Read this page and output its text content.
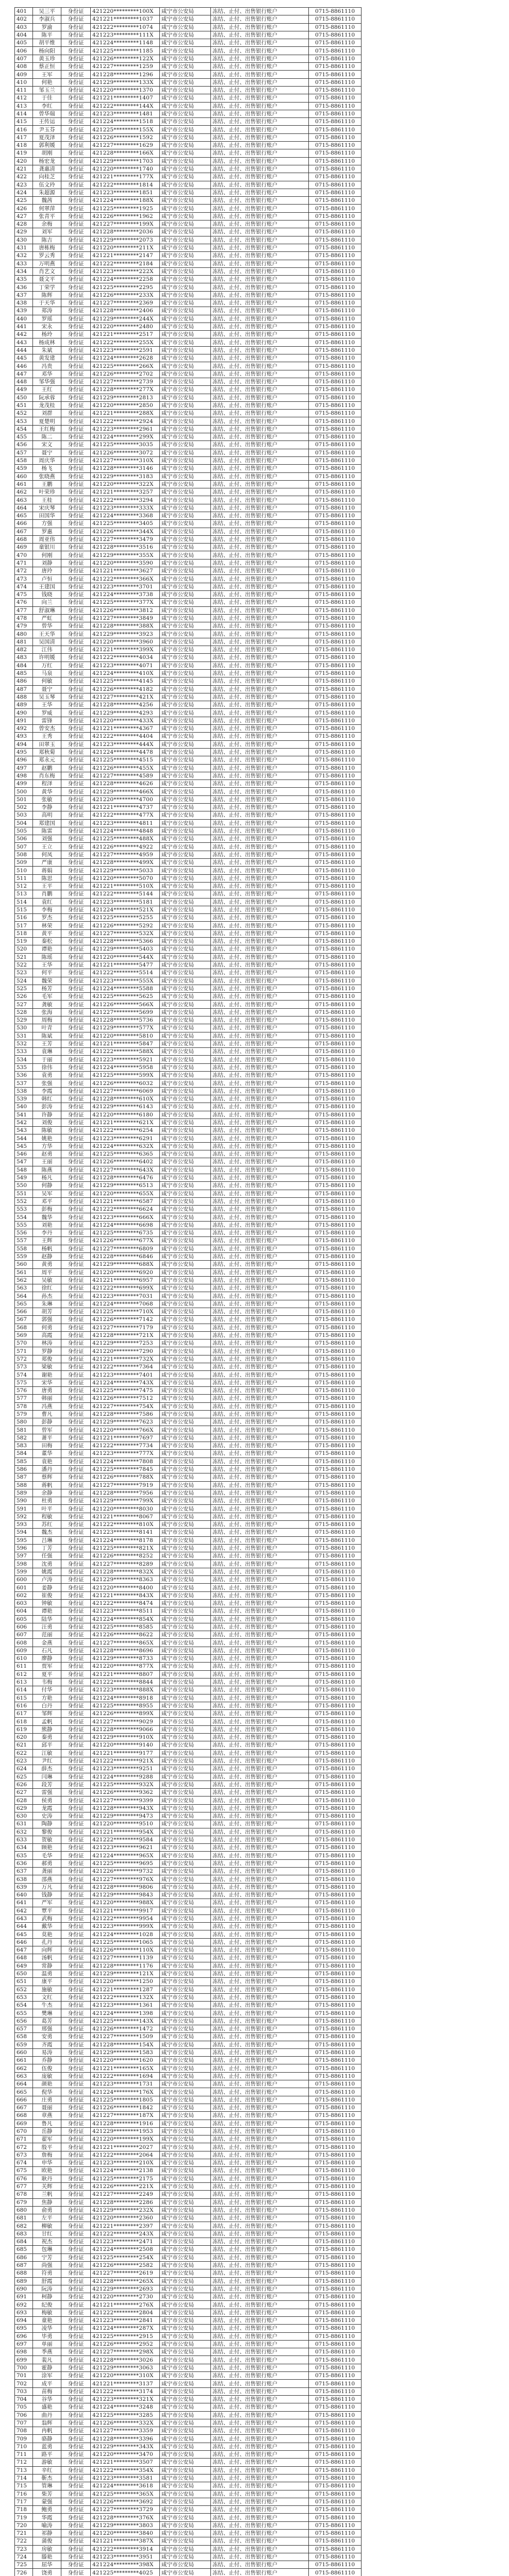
401	吴三平	身份证	421220*********100X	咸宁市公安局	冻结、止付、出售银行账户	0715-8861110
402	李淑兵	身份证	421221*********1037	咸宁市公安局	冻结、止付、出售银行账户	0715-8861110
403	罗渝	身份证	421222*********1074	咸宁市公安局	冻结、止付、出售银行账户	0715-8861110
404	陈平	身份证	421223*********111X	咸宁市公安局	冻结、止付、出售银行账户	0715-8861110
405	胡平维	身份证	421224*********1148	咸宁市公安局	冻结、止付、出售银行账户	0715-8861110
406	杨向阳	身份证	421225*********1185	咸宁市公安局	冻结、止付、出售银行账户	0715-8861110
407	黄玉珍	身份证	421226*********122X	咸宁市公安局	冻结、止付、出售银行账户	0715-8861110
408	蔡正恒	身份证	421227*********1259	咸宁市公安局	冻结、止付、出售银行账户	0715-8861110
409	王军	身份证	421228*********1296	咸宁市公安局	冻结、止付、出售银行账户	0715-8861110
410	何艳	身份证	421229*********133X	咸宁市公安局	冻结、止付、出售银行账户	0715-8861110
411	邹玉兰	身份证	421220*********1370	咸宁市公安局	冻结、止付、出售银行账户	0715-8861110
412	于佳	身份证	421221*********1407	咸宁市公安局	冻结、止付、出售银行账户	0715-8861110
413	李红	身份证	421222*********144X	咸宁市公安局	冻结、止付、出售银行账户	0715-8861110
414	曾华瑞	身份证	421223*********1481	咸宁市公安局	冻结、止付、出售银行账户	0715-8861110
415	王传运	身份证	421224*********1518	咸宁市公安局	冻结、止付、出售银行账户	0715-8861110
416	尹玉芬	身份证	421225*********155X	咸宁市公安局	冻结、止付、出售银行账户	0715-8861110
417	夏茂泽	身份证	421226*********1592	咸宁市公安局	冻结、止付、出售银行账户	0715-8861110
418	郭利媛	身份证	421227*********1629	咸宁市公安局	冻结、止付、出售银行账户	0715-8861110
419	胡刚	身份证	421228*********166X	咸宁市公安局	冻结、止付、出售银行账户	0715-8861110
420	杨宏龙	身份证	421229*********1703	咸宁市公安局	冻结、止付、出售银行账户	0715-8861110
421	龚惠清	身份证	421220*********1740	咸宁市公安局	冻结、止付、出售银行账户	0715-8861110
422	向桂芝	身份证	421221*********177X	咸宁市公安局	冻结、止付、出售银行账户	0715-8861110
423	伍文玲	身份证	421222*********1814	咸宁市公安局	冻结、止付、出售银行账户	0715-8861110
424	朱超源	身份证	421223*********1851	咸宁市公安局	冻结、止付、出售银行账户	0715-8861110
425	魏茜	身份证	421224*********188X	咸宁市公安局	冻结、止付、出售银行账户	0715-8861110
426	何翠萍	身份证	421225*********1925	咸宁市公安局	冻结、止付、出售银行账户	0715-8861110
427	张青平	身份证	421226*********1962	咸宁市公安局	冻结、止付、出售银行账户	0715-8861110
428	余梅	身份证	421227*********199X	咸宁市公安局	冻结、止付、出售银行账户	0715-8861110
429	刘军	身份证	421228*********2036	咸宁市公安局	冻结、止付、出售银行账户	0715-8861110
430	陈吉	身份证	421229*********2073	咸宁市公安局	冻结、止付、出售银行账户	0715-8861110
431	唐栋梅	身份证	421220*********211X	咸宁市公安局	冻结、止付、出售银行账户	0715-8861110
432	罗云秀	身份证	421221*********2147	咸宁市公安局	冻结、止付、出售银行账户	0715-8861110
433	万明燕	身份证	421222*********2184	咸宁市公安局	冻结、止付、出售银行账户	0715-8861110
434	肖艺文	身份证	421223*********222X	咸宁市公安局	冻结、止付、出售银行账户	0715-8861110
435	聂文平	身份证	421224*********2258	咸宁市公安局	冻结、止付、出售银行账户	0715-8861110
436	丁荣学	身份证	421225*********2295	咸宁市公安局	冻结、止付、出售银行账户	0715-8861110
437	陈辉	身份证	421226*********233X	咸宁市公安局	冻结、止付、出售银行账户	0715-8861110
438	于天华	身份证	421227*********2369	咸宁市公安局	冻结、止付、出售银行账户	0715-8861110
439	郑涛	身份证	421228*********2406	咸宁市公安局	冻结、止付、出售银行账户	0715-8861110
440	罗瑶	身份证	421229*********244X	咸宁市公安局	冻结、止付、出售银行账户	0715-8861110
441	宋永	身份证	421220*********2480	咸宁市公安局	冻结、止付、出售银行账户	0715-8861110
442	杨玲	身份证	421221*********2517	咸宁市公安局	冻结、止付、出售银行账户	0715-8861110
443	杨成林	身份证	421222*********255X	咸宁市公安局	冻结、止付、出售银行账户	0715-8861110
444	朱斌	身份证	421223*********2591	咸宁市公安局	冻结、止付、出售银行账户	0715-8861110
445	黄发建	身份证	421224*********2628	咸宁市公安局	冻结、止付、出售银行账户	0715-8861110
446	冯贵	身份证	421225*********266X	咸宁市公安局	冻结、止付、出售银行账户	0715-8861110
447	邓华	身份证	421226*********2702	咸宁市公安局	冻结、止付、出售银行账户	0715-8861110
448	邹华强	身份证	421227*********2739	咸宁市公安局	冻结、止付、出售银行账户	0715-8861110
449	王红	身份证	421228*********277X	咸宁市公安局	冻结、止付、出售银行账户	0715-8861110
450	阮承蓉	身份证	421229*********2813	咸宁市公安局	冻结、止付、出售银行账户	0715-8861110
451	龙茂桂	身份证	421220*********2850	咸宁市公安局	冻结、止付、出售银行账户	0715-8861110
452	刘群	身份证	421221*********288X	咸宁市公安局	冻结、止付、出售银行账户	0715-8861110
453	夏楚明	身份证	421222*********2924	咸宁市公安局	冻结、止付、出售银行账户	0715-8861110
454	王红梅	身份证	421223*********2961	咸宁市公安局	冻结、止付、出售银行账户	0715-8861110
455	陈二	身份证	421224*********299X	咸宁市公安局	冻结、止付、出售银行账户	0715-8861110
456	宋文	身份证	421225*********3035	咸宁市公安局	冻结、止付、出售银行账户	0715-8861110
457	聂宁	身份证	421226*********3072	咸宁市公安局	冻结、止付、出售银行账户	0715-8861110
458	周庆华	身份证	421227*********310X	咸宁市公安局	冻结、止付、出售银行账户	0715-8861110
459	杨飞	身份证	421228*********3146	咸宁市公安局	冻结、止付、出售银行账户	0715-8861110
460	张晓燕	身份证	421229*********3183	咸宁市公安局	冻结、止付、出售银行账户	0715-8861110
461	王鹏	身份证	421220*********322X	咸宁市公安局	冻结、止付、出售银行账户	0715-8861110
462	叶荣珍	身份证	421221*********3257	咸宁市公安局	冻结、止付、出售银行账户	0715-8861110
463	王桂	身份证	421222*********3294	咸宁市公安局	冻结、止付、出售银行账户	0715-8861110
464	宋庆琴	身份证	421223*********333X	咸宁市公安局	冻结、止付、出售银行账户	0715-8861110
465	田国华	身份证	421224*********3368	咸宁市公安局	冻结、止付、出售银行账户	0715-8861110
466	方强	身份证	421225*********3405	咸宁市公安局	冻结、止付、出售银行账户	0715-8861110
467	罗惠	身份证	421226*********344X	咸宁市公安局	冻结、止付、出售银行账户	0715-8861110
468	周亚伟	身份证	421227*********3479	咸宁市公安局	冻结、止付、出售银行账户	0715-8861110
469	童银川	身份证	421228*********3516	咸宁市公安局	冻结、止付、出售银行账户	0715-8861110
470	何刚	身份证	421229*********355X	咸宁市公安局	冻结、止付、出售银行账户	0715-8861110
471	刘静	身份证	421220*********3590	咸宁市公安局	冻结、止付、出售银行账户	0715-8861110
472	唐玲	身份证	421221*********3627	咸宁市公安局	冻结、止付、出售银行账户	0715-8861110
473	卢恒	身份证	421222*********366X	咸宁市公安局	冻结、止付、出售银行账户	0715-8861110
474	王建国	身份证	421223*********3701	咸宁市公安局	冻结、止付、出售银行账户	0715-8861110
475	钱晓	身份证	421224*********3738	咸宁市公安局	冻结、止付、出售银行账户	0715-8861110
476	向兰	身份证	421225*********377X	咸宁市公安局	冻结、止付、出售银行账户	0715-8861110
477	舒淑琳	身份证	421226*********3812	咸宁市公安局	冻结、止付、出售银行账户	0715-8861110
478	严虹	身份证	421227*********3849	咸宁市公安局	冻结、止付、出售银行账户	0715-8861110
479	曾华	身份证	421228*********388X	咸宁市公安局	冻结、止付、出售银行账户	0715-8861110
480	王天华	身份证	421229*********3923	咸宁市公安局	冻结、止付、出售银行账户	0715-8861110
481	吴国清	身份证	421220*********3960	咸宁市公安局	冻结、止付、出售银行账户	0715-8861110
482	江伟	身份证	421221*********399X	咸宁市公安局	冻结、止付、出售银行账户	0715-8861110
483	许明媛	身份证	421222*********4034	咸宁市公安局	冻结、止付、出售银行账户	0715-8861110
484	万红	身份证	421223*********4071	咸宁市公安局	冻结、止付、出售银行账户	0715-8861110
485	马泉	身份证	421224*********410X	咸宁市公安局	冻结、止付、出售银行账户	0715-8861110
486	何敏	身份证	421225*********4145	咸宁市公安局	冻结、止付、出售银行账户	0715-8861110
487	聂宁	身份证	421226*********4182	咸宁市公安局	冻结、止付、出售银行账户	0715-8861110
488	吴玉琴	身份证	421227*********421X	咸宁市公安局	冻结、止付、出售银行账户	0715-8861110
489	王华	身份证	421228*********4256	咸宁市公安局	冻结、止付、出售银行账户	0715-8861110
490	罗威	身份证	421229*********4293	咸宁市公安局	冻结、止付、出售银行账户	0715-8861110
491	雷锋	身份证	421220*********433X	咸宁市公安局	冻结、止付、出售银行账户	0715-8861110
492	曾安杰	身份证	421221*********4367	咸宁市公安局	冻结、止付、出售银行账户	0715-8861110
493	王秀	身份证	421222*********4404	咸宁市公安局	冻结、止付、出售银行账户	0715-8861110
494	田翠玉	身份证	421223*********444X	咸宁市公安局	冻结、止付、出售银行账户	0715-8861110
495	郑秋菊	身份证	421224*********4478	咸宁市公安局	冻结、止付、出售银行账户	0715-8861110
496	郑永元	身份证	421225*********4515	咸宁市公安局	冻结、止付、出售银行账户	0715-8861110
497	赵鹏	身份证	421226*********455X	咸宁市公安局	冻结、止付、出售银行账户	0715-8861110
498	肖东梅	身份证	421227*********4589	咸宁市公安局	冻结、止付、出售银行账户	0715-8861110
499	程泽	身份证	421228*********4626	咸宁市公安局	冻结、止付、出售银行账户	0715-8861110
500	黄华	身份证	421229*********466X	咸宁市公安局	冻结、止付、出售银行账户	0715-8861110
501	张敏	身份证	421220*********4700	咸宁市公安局	冻结、止付、出售银行账户	0715-8861110
502	李静	身份证	421221*********4737	咸宁市公安局	冻结、止付、出售银行账户	0715-8861110
503	高明	身份证	421222*********477X	咸宁市公安局	冻结、止付、出售银行账户	0715-8861110
504	郑建国	身份证	421223*********4811	咸宁市公安局	冻结、止付、出售银行账户	0715-8861110
505	陈雷	身份证	421224*********4848	咸宁市公安局	冻结、止付、出售银行账户	0715-8861110
506	刘强	身份证	421225*********488X	咸宁市公安局	冻结、止付、出售银行账户	0715-8861110
507	王立	身份证	421226*********4922	咸宁市公安局	冻结、止付、出售银行账户	0715-8861110
508	何凤	身份证	421227*********4959	咸宁市公安局	冻结、止付、出售银行账户	0715-8861110
509	严康	身份证	421228*********499X	咸宁市公安局	冻结、止付、出售银行账户	0715-8861110
510	蒋娟	身份证	421229*********5033	咸宁市公安局	冻结、止付、出售银行账户	0715-8861110
511	陈思	身份证	421220*********5070	咸宁市公安局	冻结、止付、出售银行账户	0715-8861110
512	王平	身份证	421221*********510X	咸宁市公安局	冻结、止付、出售银行账户	0715-8861110
513	肖鹏	身份证	421222*********5144	咸宁市公安局	冻结、止付、出售银行账户	0715-8861110
514	袁红	身份证	421223*********5181	咸宁市公安局	冻结、止付、出售银行账户	0715-8861110
515	李梅	身份证	421224*********521X	咸宁市公安局	冻结、止付、出售银行账户	0715-8861110
516	罗杰	身份证	421225*********5255	咸宁市公安局	冻结、止付、出售银行账户	0715-8861110
517	林荣	身份证	421226*********5292	咸宁市公安局	冻结、止付、出售银行账户	0715-8861110
518	黄平	身份证	421227*********532X	咸宁市公安局	冻结、止付、出售银行账户	0715-8861110
519	秦松	身份证	421228*********5366	咸宁市公安局	冻结、止付、出售银行账户	0715-8861110
520	谭艳	身份证	421229*********5403	咸宁市公安局	冻结、止付、出售银行账户	0715-8861110
521	陈瑶	身份证	421220*********544X	咸宁市公安局	冻结、止付、出售银行账户	0715-8861110
522	王华	身份证	421221*********5477	咸宁市公安局	冻结、止付、出售银行账户	0715-8861110
523	何平	身份证	421222*********5514	咸宁市公安局	冻结、止付、出售银行账户	0715-8861110
524	魏荣	身份证	421223*********555X	咸宁市公安局	冻结、止付、出售银行账户	0715-8861110
525	杨芳	身份证	421224*********5588	咸宁市公安局	冻结、止付、出售银行账户	0715-8861110
526	毛军	身份证	421225*********5625	咸宁市公安局	冻结、止付、出售银行账户	0715-8861110
527	龚敏	身份证	421226*********566X	咸宁市公安局	冻结、止付、出售银行账户	0715-8861110
528	张海	身份证	421227*********5699	咸宁市公安局	冻结、止付、出售银行账户	0715-8861110
529	周梅	身份证	421228*********5736	咸宁市公安局	冻结、止付、出售银行账户	0715-8861110
530	叶青	身份证	421229*********577X	咸宁市公安局	冻结、止付、出售银行账户	0715-8861110
531	陈斌	身份证	421220*********5810	咸宁市公安局	冻结、止付、出售银行账户	0715-8861110
532	王芳	身份证	421221*********5847	咸宁市公安局	冻结、止付、出售银行账户	0715-8861110
533	袁琳	身份证	421222*********588X	咸宁市公安局	冻结、止付、出售银行账户	0715-8861110
534	于丽	身份证	421223*********5921	咸宁市公安局	冻结、止付、出售银行账户	0715-8861110
535	徐伟	身份证	421224*********5958	咸宁市公安局	冻结、止付、出售银行账户	0715-8861110
536	袁勇	身份证	421225*********599X	咸宁市公安局	冻结、止付、出售银行账户	0715-8861110
537	张强	身份证	421226*********6032	咸宁市公安局	冻结、止付、出售银行账户	0715-8861110
538	李霞	身份证	421227*********6069	咸宁市公安局	冻结、止付、出售银行账户	0715-8861110
539	韩红	身份证	421228*********610X	咸宁市公安局	冻结、止付、出售银行账户	0715-8861110
540	彭涛	身份证	421229*********6143	咸宁市公安局	冻结、止付、出售银行账户	0715-8861110
541	许静	身份证	421220*********6180	咸宁市公安局	冻结、止付、出售银行账户	0715-8861110
542	刘俊	身份证	421221*********621X	咸宁市公安局	冻结、止付、出售银行账户	0715-8861110
543	陈敏	身份证	421222*********6254	咸宁市公安局	冻结、止付、出售银行账户	0715-8861110
544	姚艳	身份证	421223*********6291	咸宁市公安局	冻结、止付、出售银行账户	0715-8861110
545	方华	身份证	421224*********632X	咸宁市公安局	冻结、止付、出售银行账户	0715-8861110
546	赵勇	身份证	421225*********6365	咸宁市公安局	冻结、止付、出售银行账户	0715-8861110
547	王丽	身份证	421226*********6402	咸宁市公安局	冻结、止付、出售银行账户	0715-8861110
548	陈燕	身份证	421227*********643X	咸宁市公安局	冻结、止付、出售银行账户	0715-8861110
549	杨凡	身份证	421228*********6476	咸宁市公安局	冻结、止付、出售银行账户	0715-8861110
550	何静	身份证	421229*********6513	咸宁市公安局	冻结、止付、出售银行账户	0715-8861110
551	吴军	身份证	421220*********655X	咸宁市公安局	冻结、止付、出售银行账户	0715-8861110
552	邓平	身份证	421221*********6587	咸宁市公安局	冻结、止付、出售银行账户	0715-8861110
553	彭梅	身份证	421222*********6624	咸宁市公安局	冻结、止付、出售银行账户	0715-8861110
554	魏华	身份证	421223*********666X	咸宁市公安局	冻结、止付、出售银行账户	0715-8861110
555	刘艳	身份证	421224*********6698	咸宁市公安局	冻结、止付、出售银行账户	0715-8861110
556	李丹	身份证	421225*********6735	咸宁市公安局	冻结、止付、出售银行账户	0715-8861110
557	王辉	身份证	421226*********677X	咸宁市公安局	冻结、止付、出售银行账户	0715-8861110
558	杨帆	身份证	421227*********6809	咸宁市公安局	冻结、止付、出售银行账户	0715-8861110
559	赵静	身份证	421228*********6846	咸宁市公安局	冻结、止付、出售银行账户	0715-8861110
560	黄勇	身份证	421229*********688X	咸宁市公安局	冻结、止付、出售银行账户	0715-8861110
561	周平	身份证	421220*********6920	咸宁市公安局	冻结、止付、出售银行账户	0715-8861110
562	吴敏	身份证	421221*********6957	咸宁市公安局	冻结、止付、出售银行账户	0715-8861110
563	徐红	身份证	421222*********699X	咸宁市公安局	冻结、止付、出售银行账户	0715-8861110
564	孙杰	身份证	421223*********7031	咸宁市公安局	冻结、止付、出售银行账户	0715-8861110
565	朱琳	身份证	421224*********7068	咸宁市公安局	冻结、止付、出售银行账户	0715-8861110
566	胡芳	身份证	421225*********710X	咸宁市公安局	冻结、止付、出售银行账户	0715-8861110
567	郭强	身份证	421226*********7142	咸宁市公安局	冻结、止付、出售银行账户	0715-8861110
568	何勇	身份证	421227*********7179	咸宁市公安局	冻结、止付、出售银行账户	0715-8861110
569	高霞	身份证	421228*********721X	咸宁市公安局	冻结、止付、出售银行账户	0715-8861110
570	林涛	身份证	421229*********7253	咸宁市公安局	冻结、止付、出售银行账户	0715-8861110
571	罗静	身份证	421220*********7290	咸宁市公安局	冻结、止付、出售银行账户	0715-8861110
572	郑俊	身份证	421221*********732X	咸宁市公安局	冻结、止付、出售银行账户	0715-8861110
573	梁敏	身份证	421222*********7364	咸宁市公安局	冻结、止付、出售银行账户	0715-8861110
574	谢艳	身份证	421223*********7401	咸宁市公安局	冻结、止付、出售银行账户	0715-8861110
575	宋华	身份证	421224*********743X	咸宁市公安局	冻结、止付、出售银行账户	0715-8861110
576	唐勇	身份证	421225*********7475	咸宁市公安局	冻结、止付、出售银行账户	0715-8861110
577	韩丽	身份证	421226*********7512	咸宁市公安局	冻结、止付、出售银行账户	0715-8861110
578	冯燕	身份证	421227*********754X	咸宁市公安局	冻结、止付、出售银行账户	0715-8861110
579	曹凡	身份证	421228*********7586	咸宁市公安局	冻结、止付、出售银行账户	0715-8861110
580	彭静	身份证	421229*********7623	咸宁市公安局	冻结、止付、出售银行账户	0715-8861110
581	曾军	身份证	421220*********766X	咸宁市公安局	冻结、止付、出售银行账户	0715-8861110
582	萧平	身份证	421221*********7697	咸宁市公安局	冻结、止付、出售银行账户	0715-8861110
583	田梅	身份证	421222*********7734	咸宁市公安局	冻结、止付、出售银行账户	0715-8861110
584	董华	身份证	421223*********777X	咸宁市公安局	冻结、止付、出售银行账户	0715-8861110
585	袁艳	身份证	421224*********7808	咸宁市公安局	冻结、止付、出售银行账户	0715-8861110
586	潘丹	身份证	421225*********7845	咸宁市公安局	冻结、止付、出售银行账户	0715-8861110
587	蔡辉	身份证	421226*********788X	咸宁市公安局	冻结、止付、出售银行账户	0715-8861110
588	蒋帆	身份证	421227*********7919	咸宁市公安局	冻结、止付、出售银行账户	0715-8861110
589	余静	身份证	421228*********7956	咸宁市公安局	冻结、止付、出售银行账户	0715-8861110
590	杜勇	身份证	421229*********799X	咸宁市公安局	冻结、止付、出售银行账户	0715-8861110
591	叶平	身份证	421220*********8030	咸宁市公安局	冻结、止付、出售银行账户	0715-8861110
592	程敏	身份证	421221*********8067	咸宁市公安局	冻结、止付、出售银行账户	0715-8861110
593	苏红	身份证	421222*********810X	咸宁市公安局	冻结、止付、出售银行账户	0715-8861110
594	魏杰	身份证	421223*********8141	咸宁市公安局	冻结、止付、出售银行账户	0715-8861110
595	吕琳	身份证	421224*********8178	咸宁市公安局	冻结、止付、出售银行账户	0715-8861110
596	丁芳	身份证	421225*********821X	咸宁市公安局	冻结、止付、出售银行账户	0715-8861110
597	任强	身份证	421226*********8252	咸宁市公安局	冻结、止付、出售银行账户	0715-8861110
598	沈勇	身份证	421227*********8289	咸宁市公安局	冻结、止付、出售银行账户	0715-8861110
599	姚霞	身份证	421228*********832X	咸宁市公安局	冻结、止付、出售银行账户	0715-8861110
600	卢涛	身份证	421229*********8363	咸宁市公安局	冻结、止付、出售银行账户	0715-8861110
601	姜静	身份证	421220*********8400	咸宁市公安局	冻结、止付、出售银行账户	0715-8861110
602	崔俊	身份证	421221*********843X	咸宁市公安局	冻结、止付、出售银行账户	0715-8861110
603	钟敏	身份证	421222*********8474	咸宁市公安局	冻结、止付、出售银行账户	0715-8861110
604	谭艳	身份证	421223*********8511	咸宁市公安局	冻结、止付、出售银行账户	0715-8861110
605	陆华	身份证	421224*********854X	咸宁市公安局	冻结、止付、出售银行账户	0715-8861110
606	汪勇	身份证	421225*********8585	咸宁市公安局	冻结、止付、出售银行账户	0715-8861110
607	范丽	身份证	421226*********8622	咸宁市公安局	冻结、止付、出售银行账户	0715-8861110
608	金燕	身份证	421227*********865X	咸宁市公安局	冻结、止付、出售银行账户	0715-8861110
609	石凡	身份证	421228*********8696	咸宁市公安局	冻结、止付、出售银行账户	0715-8861110
610	廖静	身份证	421229*********8733	咸宁市公安局	冻结、止付、出售银行账户	0715-8861110
611	贾军	身份证	421220*********877X	咸宁市公安局	冻结、止付、出售银行账户	0715-8861110
612	夏平	身份证	421221*********8807	咸宁市公安局	冻结、止付、出售银行账户	0715-8861110
613	韦梅	身份证	421222*********8844	咸宁市公安局	冻结、止付、出售银行账户	0715-8861110
614	付华	身份证	421223*********888X	咸宁市公安局	冻结、止付、出售银行账户	0715-8861110
615	方艳	身份证	421224*********8918	咸宁市公安局	冻结、止付、出售银行账户	0715-8861110
616	白丹	身份证	421225*********8955	咸宁市公安局	冻结、止付、出售银行账户	0715-8861110
617	邹辉	身份证	421226*********899X	咸宁市公安局	冻结、止付、出售银行账户	0715-8861110
618	孟帆	身份证	421227*********9029	咸宁市公安局	冻结、止付、出售银行账户	0715-8861110
619	熊静	身份证	421228*********9066	咸宁市公安局	冻结、止付、出售银行账户	0715-8861110
620	秦勇	身份证	421229*********910X	咸宁市公安局	冻结、止付、出售银行账户	0715-8861110
621	邱平	身份证	421220*********9140	咸宁市公安局	冻结、止付、出售银行账户	0715-8861110
622	江敏	身份证	421221*********9177	咸宁市公安局	冻结、止付、出售银行账户	0715-8861110
623	尹红	身份证	421222*********921X	咸宁市公安局	冻结、止付、出售银行账户	0715-8861110
624	薛杰	身份证	421223*********9251	咸宁市公安局	冻结、止付、出售银行账户	0715-8861110
625	闫琳	身份证	421224*********9288	咸宁市公安局	冻结、止付、出售银行账户	0715-8861110
626	段芳	身份证	421225*********932X	咸宁市公安局	冻结、止付、出售银行账户	0715-8861110
627	雷强	身份证	421226*********9362	咸宁市公安局	冻结、止付、出售银行账户	0715-8861110
628	侯勇	身份证	421227*********9399	咸宁市公安局	冻结、止付、出售银行账户	0715-8861110
629	龙霞	身份证	421228*********943X	咸宁市公安局	冻结、止付、出售银行账户	0715-8861110
630	史涛	身份证	421229*********9473	咸宁市公安局	冻结、止付、出售银行账户	0715-8861110
631	陶静	身份证	421220*********9510	咸宁市公安局	冻结、止付、出售银行账户	0715-8861110
632	黎俊	身份证	421221*********954X	咸宁市公安局	冻结、止付、出售银行账户	0715-8861110
633	贺敏	身份证	421222*********9584	咸宁市公安局	冻结、止付、出售银行账户	0715-8861110
634	顾艳	身份证	421223*********9621	咸宁市公安局	冻结、止付、出售银行账户	0715-8861110
635	毛华	身份证	421224*********965X	咸宁市公安局	冻结、止付、出售银行账户	0715-8861110
636	郝勇	身份证	421225*********9695	咸宁市公安局	冻结、止付、出售银行账户	0715-8861110
637	龚丽	身份证	421226*********9732	咸宁市公安局	冻结、止付、出售银行账户	0715-8861110
638	邵燕	身份证	421227*********976X	咸宁市公安局	冻结、止付、出售银行账户	0715-8861110
639	万凡	身份证	421228*********9806	咸宁市公安局	冻结、止付、出售银行账户	0715-8861110
640	钱静	身份证	421229*********9843	咸宁市公安局	冻结、止付、出售银行账户	0715-8861110
641	严军	身份证	421220*********988X	咸宁市公安局	冻结、止付、出售银行账户	0715-8861110
642	覃平	身份证	421221*********9917	咸宁市公安局	冻结、止付、出售银行账户	0715-8861110
643	武梅	身份证	421222*********9954	咸宁市公安局	冻结、止付、出售银行账户	0715-8861110
644	戴华	身份证	421223*********999X	咸宁市公安局	冻结、止付、出售银行账户	0715-8861110
645	莫艳	身份证	421224*********1028	咸宁市公安局	冻结、止付、出售银行账户	0715-8861110
646	孔丹	身份证	421225*********1065	咸宁市公安局	冻结、止付、出售银行账户	0715-8861110
647	向辉	身份证	421226*********110X	咸宁市公安局	冻结、止付、出售银行账户	0715-8861110
648	汤帆	身份证	421227*********1139	咸宁市公安局	冻结、止付、出售银行账户	0715-8861110
649	常静	身份证	421228*********1176	咸宁市公安局	冻结、止付、出售银行账户	0715-8861110
650	温勇	身份证	421229*********121X	咸宁市公安局	冻结、止付、出售银行账户	0715-8861110
651	康平	身份证	421220*********1250	咸宁市公安局	冻结、止付、出售银行账户	0715-8861110
652	施敏	身份证	421221*********1287	咸宁市公安局	冻结、止付、出售银行账户	0715-8861110
653	文红	身份证	421222*********132X	咸宁市公安局	冻结、止付、出售银行账户	0715-8861110
654	牛杰	身份证	421223*********1361	咸宁市公安局	冻结、止付、出售银行账户	0715-8861110
655	樊琳	身份证	421224*********1398	咸宁市公安局	冻结、止付、出售银行账户	0715-8861110
656	葛芳	身份证	421225*********143X	咸宁市公安局	冻结、止付、出售银行账户	0715-8861110
657	邢强	身份证	421226*********1472	咸宁市公安局	冻结、止付、出售银行账户	0715-8861110
658	安勇	身份证	421227*********1509	咸宁市公安局	冻结、止付、出售银行账户	0715-8861110
659	齐霞	身份证	421228*********154X	咸宁市公安局	冻结、止付、出售银行账户	0715-8861110
660	易涛	身份证	421229*********1583	咸宁市公安局	冻结、止付、出售银行账户	0715-8861110
661	乔静	身份证	421220*********1620	咸宁市公安局	冻结、止付、出售银行账户	0715-8861110
662	伍俊	身份证	421221*********165X	咸宁市公安局	冻结、止付、出售银行账户	0715-8861110
663	庞敏	身份证	421222*********1694	咸宁市公安局	冻结、止付、出售银行账户	0715-8861110
664	颜艳	身份证	421223*********1731	咸宁市公安局	冻结、止付、出售银行账户	0715-8861110
665	倪华	身份证	421224*********176X	咸宁市公安局	冻结、止付、出售银行账户	0715-8861110
666	庄勇	身份证	421225*********1805	咸宁市公安局	冻结、止付、出售银行账户	0715-8861110
667	聂丽	身份证	421226*********1842	咸宁市公安局	冻结、止付、出售银行账户	0715-8861110
668	章燕	身份证	421227*********187X	咸宁市公安局	冻结、止付、出售银行账户	0715-8861110
669	鲁凡	身份证	421228*********1916	咸宁市公安局	冻结、止付、出售银行账户	0715-8861110
670	岳静	身份证	421229*********1953	咸宁市公安局	冻结、止付、出售银行账户	0715-8861110
671	翟军	身份证	421220*********199X	咸宁市公安局	冻结、止付、出售银行账户	0715-8861110
672	殷平	身份证	421221*********2027	咸宁市公安局	冻结、止付、出售银行账户	0715-8861110
673	詹梅	身份证	421222*********2064	咸宁市公安局	冻结、止付、出售银行账户	0715-8861110
674	申华	身份证	421223*********210X	咸宁市公安局	冻结、止付、出售银行账户	0715-8861110
675	欧艳	身份证	421224*********2138	咸宁市公安局	冻结、止付、出售银行账户	0715-8861110
676	耿丹	身份证	421225*********2175	咸宁市公安局	冻结、止付、出售银行账户	0715-8861110
677	关辉	身份证	421226*********221X	咸宁市公安局	冻结、止付、出售银行账户	0715-8861110
678	兰帆	身份证	421227*********2249	咸宁市公安局	冻结、止付、出售银行账户	0715-8861110
679	焦静	身份证	421228*********2286	咸宁市公安局	冻结、止付、出售银行账户	0715-8861110
680	俞勇	身份证	421229*********232X	咸宁市公安局	冻结、止付、出售银行账户	0715-8861110
681	左平	身份证	421220*********2360	咸宁市公安局	冻结、止付、出售银行账户	0715-8861110
682	柳敏	身份证	421221*********2397	咸宁市公安局	冻结、止付、出售银行账户	0715-8861110
683	甘红	身份证	421222*********243X	咸宁市公安局	冻结、止付、出售银行账户	0715-8861110
684	祝杰	身份证	421223*********2471	咸宁市公安局	冻结、止付、出售银行账户	0715-8861110
685	包琳	身份证	421224*********2508	咸宁市公安局	冻结、止付、出售银行账户	0715-8861110
686	宁芳	身份证	421225*********254X	咸宁市公安局	冻结、止付、出售银行账户	0715-8861110
687	尚强	身份证	421226*********2582	咸宁市公安局	冻结、止付、出售银行账户	0715-8861110
688	符勇	身份证	421227*********2619	咸宁市公安局	冻结、止付、出售银行账户	0715-8861110
689	舒霞	身份证	421228*********265X	咸宁市公安局	冻结、止付、出售银行账户	0715-8861110
690	阮涛	身份证	421229*********2693	咸宁市公安局	冻结、止付、出售银行账户	0715-8861110
691	柯静	身份证	421220*********2730	咸宁市公安局	冻结、止付、出售银行账户	0715-8861110
692	纪俊	身份证	421221*********276X	咸宁市公安局	冻结、止付、出售银行账户	0715-8861110
693	梅敏	身份证	421222*********2804	咸宁市公安局	冻结、止付、出售银行账户	0715-8861110
694	童艳	身份证	421223*********2841	咸宁市公安局	冻结、止付、出售银行账户	0715-8861110
695	凌华	身份证	421224*********287X	咸宁市公安局	冻结、止付、出售银行账户	0715-8861110
696	毕勇	身份证	421225*********2915	咸宁市公安局	冻结、止付、出售银行账户	0715-8861110
697	单丽	身份证	421226*********2952	咸宁市公安局	冻结、止付、出售银行账户	0715-8861110
698	季燕	身份证	421227*********298X	咸宁市公安局	冻结、止付、出售银行账户	0715-8861110
699	裴凡	身份证	421228*********3026	咸宁市公安局	冻结、止付、出售银行账户	0715-8861110
700	霍静	身份证	421229*********3063	咸宁市公安局	冻结、止付、出售银行账户	0715-8861110
701	涂军	身份证	421220*********310X	咸宁市公安局	冻结、止付、出售银行账户	0715-8861110
702	成平	身份证	421221*********3137	咸宁市公安局	冻结、止付、出售银行账户	0715-8861110
703	苗梅	身份证	421222*********3174	咸宁市公安局	冻结、止付、出售银行账户	0715-8861110
704	谷华	身份证	421223*********321X	咸宁市公安局	冻结、止付、出售银行账户	0715-8861110
705	盛艳	身份证	421224*********3248	咸宁市公安局	冻结、止付、出售银行账户	0715-8861110
706	曲丹	身份证	421225*********3285	咸宁市公安局	冻结、止付、出售银行账户	0715-8861110
707	翁辉	身份证	421226*********332X	咸宁市公安局	冻结、止付、出售银行账户	0715-8861110
708	冉帆	身份证	421227*********3359	咸宁市公安局	冻结、止付、出售银行账户	0715-8861110
709	骆静	身份证	421228*********3396	咸宁市公安局	冻结、止付、出售银行账户	0715-8861110
710	蓝勇	身份证	421229*********343X	咸宁市公安局	冻结、止付、出售银行账户	0715-8861110
711	路平	身份证	421220*********3470	咸宁市公安局	冻结、止付、出售银行账户	0715-8861110
712	游敏	身份证	421221*********3507	咸宁市公安局	冻结、止付、出售银行账户	0715-8861110
713	辛红	身份证	421222*********354X	咸宁市公安局	冻结、止付、出售银行账户	0715-8861110
714	靳杰	身份证	421223*********3581	咸宁市公安局	冻结、止付、出售银行账户	0715-8861110
715	管琳	身份证	421224*********3618	咸宁市公安局	冻结、止付、出售银行账户	0715-8861110
716	柴芳	身份证	421225*********365X	咸宁市公安局	冻结、止付、出售银行账户	0715-8861110
717	蒙强	身份证	421226*********3692	咸宁市公安局	冻结、止付、出售银行账户	0715-8861110
718	鲍勇	身份证	421227*********3729	咸宁市公安局	冻结、止付、出售银行账户	0715-8861110
719	华霞	身份证	421228*********376X	咸宁市公安局	冻结、止付、出售银行账户	0715-8861110
720	喻涛	身份证	421229*********3803	咸宁市公安局	冻结、止付、出售银行账户	0715-8861110
721	祁静	身份证	421220*********3840	咸宁市公安局	冻结、止付、出售银行账户	0715-8861110
722	蒲俊	身份证	421221*********387X	咸宁市公安局	冻结、止付、出售银行账户	0715-8861110
723	房敏	身份证	421222*********3914	咸宁市公安局	冻结、止付、出售银行账户	0715-8861110
724	滕艳	身份证	421223*********3951	咸宁市公安局	冻结、止付、出售银行账户	0715-8861110
725	屈华	身份证	421224*********398X	咸宁市公安局	冻结、止付、出售银行账户	0715-8861110
726	饶勇	身份证	421225*********4025	咸宁市公安局	冻结、止付、出售银行账户	0715-8861110
